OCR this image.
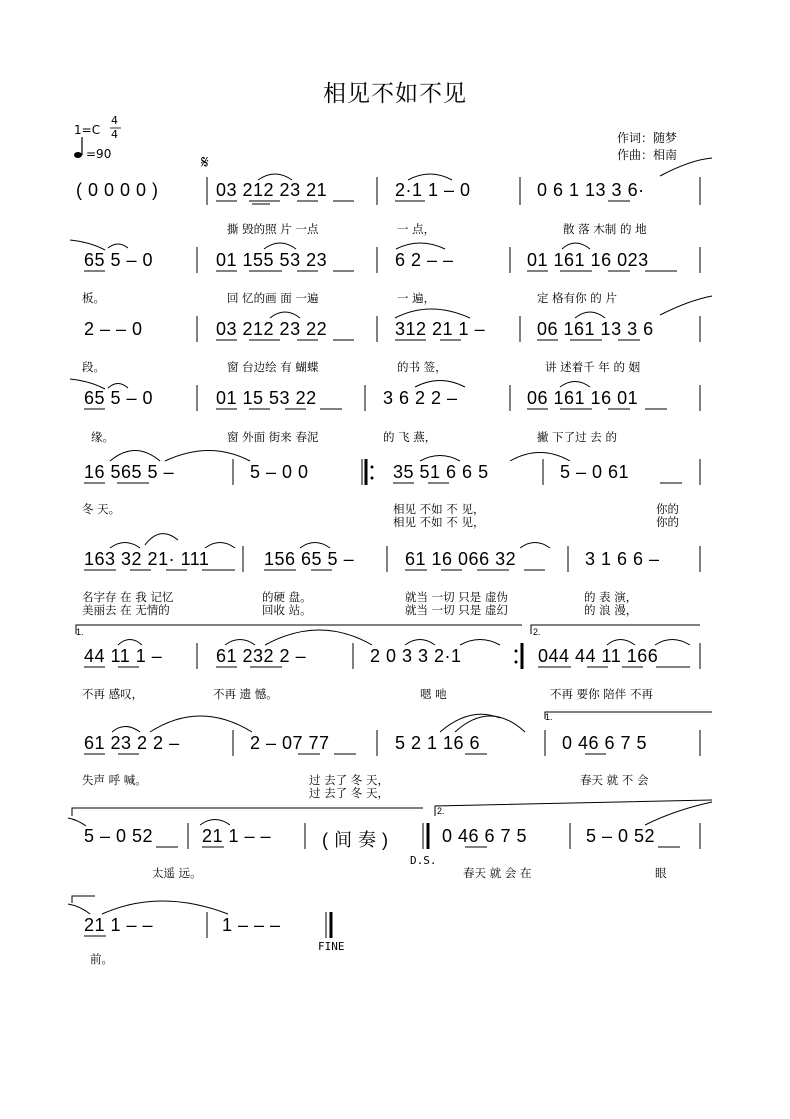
相见不如不见
1=C
4
4
=90
作词：随梦
作曲：相南
𝄋
( 0 0 0 0 )	03 212 23 21	2·1 1 – 0	0 6 1 13 3 6·
撕 毁的照 片 一点	一 点，	散 落 木制 的 地
65 5 – 0	01 155 53 23	6 2 – –	01 161 16 023
板。	回 忆的画 面 一遍	一 遍，	定 格有你 的 片
2 – – 0	03 212 23 22	312 21 1 –	06 161 13 3 6
段。	窗 台边绘 有 蝴蝶	的书 签，	讲 述着千 年 的 姻
65 5 – 0	01 15 53 22	3 6 2 2 –	06 161 16 01
缘。	窗 外面 街来 春泥	的 飞 燕，	撇 下了过 去 的
16 565 5 –	5 – 0 0	35 51 6 6 5	5 – 0 61
冬 天。	相见 不如 不 见，	你的
相见 不如 不 见，	你的
163 32 21· 111	156 65 5 –	61 16 066 32	3 1 6 6 –
名字存 在 我 记忆	的硬 盘。	就当 一切 只是 虚伪	的 表 演，
美丽去 在 无情的	回收 站。	就当 一切 只是 虚幻	的 浪 漫，
1.	2.
44 11 1 –	61 232 2 –	2 0 3 3 2·1	044 44 11 166
不再 感叹，	不再 遗 憾。	嗯 吔	不再 要你 陪伴 不再
1.
61 23 2 2 –	2 – 07 77	5 2 1 16 6	0 46 6 7 5
失声 呼 喊。	过 去了 冬 天，	春天 就 不 会
过 去了 冬 天，
2.
5 – 0 52	21 1 – –	( 间 奏 )	0 46 6 7 5	5 – 0 52
D.S.
太遥 远。	春天 就 会 在	眼
21 1 – –	1 – – –
FINE
前。
